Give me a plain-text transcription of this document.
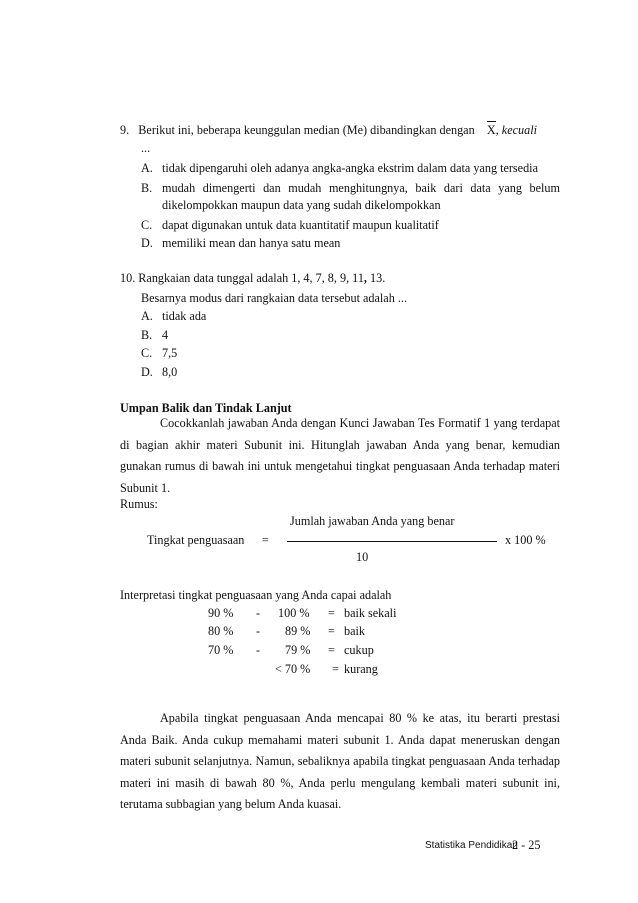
9. Berikut ini, beberapa keunggulan median (Me) dibandingkan dengan X, kecuali
...
A. tidak dipengaruhi oleh adanya angka-angka ekstrim dalam data yang tersedia
B. mudah dimengerti dan mudah menghitungnya, baik dari data yang belum
dikelompokkan maupun data yang sudah dikelompokkan
C. dapat digunakan untuk data kuantitatif maupun kualitatif
D. memiliki mean dan hanya satu mean
10. Rangkaian data tunggal adalah 1, 4, 7, 8, 9, 11, 13.
Besarnya modus dari rangkaian data tersebut adalah ...
A. tidak ada
B. 4
C. 7,5
D. 8,0
Umpan Balik dan Tindak Lanjut
Cocokkanlah jawaban Anda dengan Kunci Jawaban Tes Formatif 1 yang terdapat di bagian akhir materi Subunit ini. Hitunglah jawaban Anda yang benar, kemudian gunakan rumus di bawah ini untuk mengetahui tingkat penguasaan Anda terhadap materi Subunit 1.
Rumus:
Jumlah jawaban Anda yang benar
Tingkat penguasaan =	x 100 %
10
Interpretasi tingkat penguasaan yang Anda capai adalah
90 % - 100 % = baik sekali
80 % - 89 % = baik
70 % - 79 % = cukup
< 70 % = kurang
Apabila tingkat penguasaan Anda mencapai 80 % ke atas, itu berarti prestasi Anda Baik. Anda cukup memahami materi subunit 1. Anda dapat meneruskan dengan materi subunit selanjutnya. Namun, sebaliknya apabila tingkat penguasaan Anda terhadap materi ini masih di bawah 80 %, Anda perlu mengulang kembali materi subunit ini, terutama subbagian yang belum Anda kuasai.
Statistika Pendidikan
2 - 25
